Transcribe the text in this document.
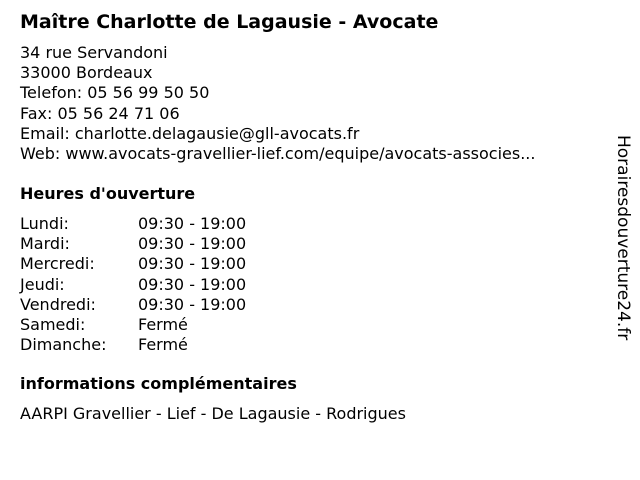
Maître Charlotte de Lagausie - Avocate
34 rue Servandoni
33000 Bordeaux
Telefon: 05 56 99 50 50
Fax: 05 56 24 71 06
Email: charlotte.delagausie@gll-avocats.fr
Web: www.avocats-gravellier-lief.com/equipe/avocats-associes...
Heures d'ouverture
Lundi:	09:30 - 19:00
Mardi:	09:30 - 19:00
Mercredi:	09:30 - 19:00
Jeudi:	09:30 - 19:00
Vendredi:	09:30 - 19:00
Samedi:	Fermé
Dimanche: Fermé
informations complémentaires
AARPI Gravellier - Lief - De Lagausie - Rodrigues
Horairesdouverture24.fr
